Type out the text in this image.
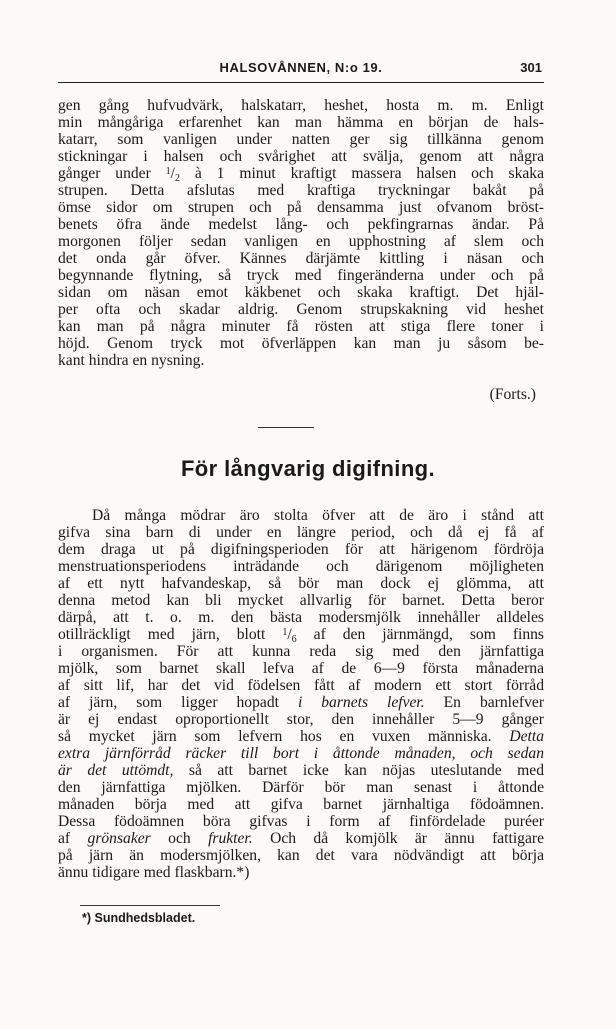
HALSOVÅNNEN, N:o 19.	301
gen gång hufvudvärk, halskatarr, heshet, hosta m. m. Enligt
min mångåriga erfarenhet kan man hämma en början de hals-
katarr, som vanligen under natten ger sig tillkänna genom
stickningar i halsen och svårighet att svälja, genom att några
gånger under $^1/_2$ à 1 minut kraftigt massera halsen och skaka
strupen. Detta afslutas med kraftiga tryckningar bakåt på
ömse sidor om strupen och på densamma just ofvanom bröst-
benets öfra ände medelst lång- och pekfingrarnas ändar. På
morgonen följer sedan vanligen en upphostning af slem och
det onda går öfver. Kännes därjämte kittling i näsan och
begynnande flytning, så tryck med fingeränderna under och på
sidan om näsan emot käkbenet och skaka kraftigt. Det hjäl-
per ofta och skadar aldrig. Genom strupskakning vid heshet
kan man på några minuter få rösten att stiga flere toner i
höjd. Genom tryck mot öfverläppen kan man ju såsom be-
kant hindra en nysning.
(Forts.)
För långvarig digifning.
Då många mödrar äro stolta öfver att de äro i stånd att
gifva sina barn di under en längre period, och då ej få af
dem draga ut på digifningsperioden för att härigenom fördröja
menstruationsperiodens inträdande och därigenom möjligheten
af ett nytt hafvandeskap, så bör man dock ej glömma, att
denna metod kan bli mycket allvarlig för barnet. Detta beror
därpå, att t. o. m. den bästa modersmjölk innehåller alldeles
otillräckligt med järn, blott $^1/_6$ af den järnmängd, som finns
i organismen. För att kunna reda sig med den järnfattiga
mjölk, som barnet skall lefva af de 6—9 första månaderna
af sitt lif, har det vid födelsen fått af modern ett stort förråd
af järn, som ligger hopadt i barnets lefver. En barnlefver
är ej endast oproportionellt stor, den innehåller 5—9 gånger
så mycket järn som lefvern hos en vuxen människa. Detta
extra järnförråd räcker till bort i åttonde månaden, och sedan
är det uttömdt, så att barnet icke kan nöjas uteslutande med
den järnfattiga mjölken. Därför bör man senast i åttonde
månaden börja med att gifva barnet järnhaltiga födoämnen.
Dessa födoämnen böra gifvas i form af finfördelade puréer
af grönsaker och frukter. Och då komjölk är ännu fattigare
på järn än modersmjölken, kan det vara nödvändigt att börja
ännu tidigare med flaskbarn.*)
*) Sundhedsbladet.
